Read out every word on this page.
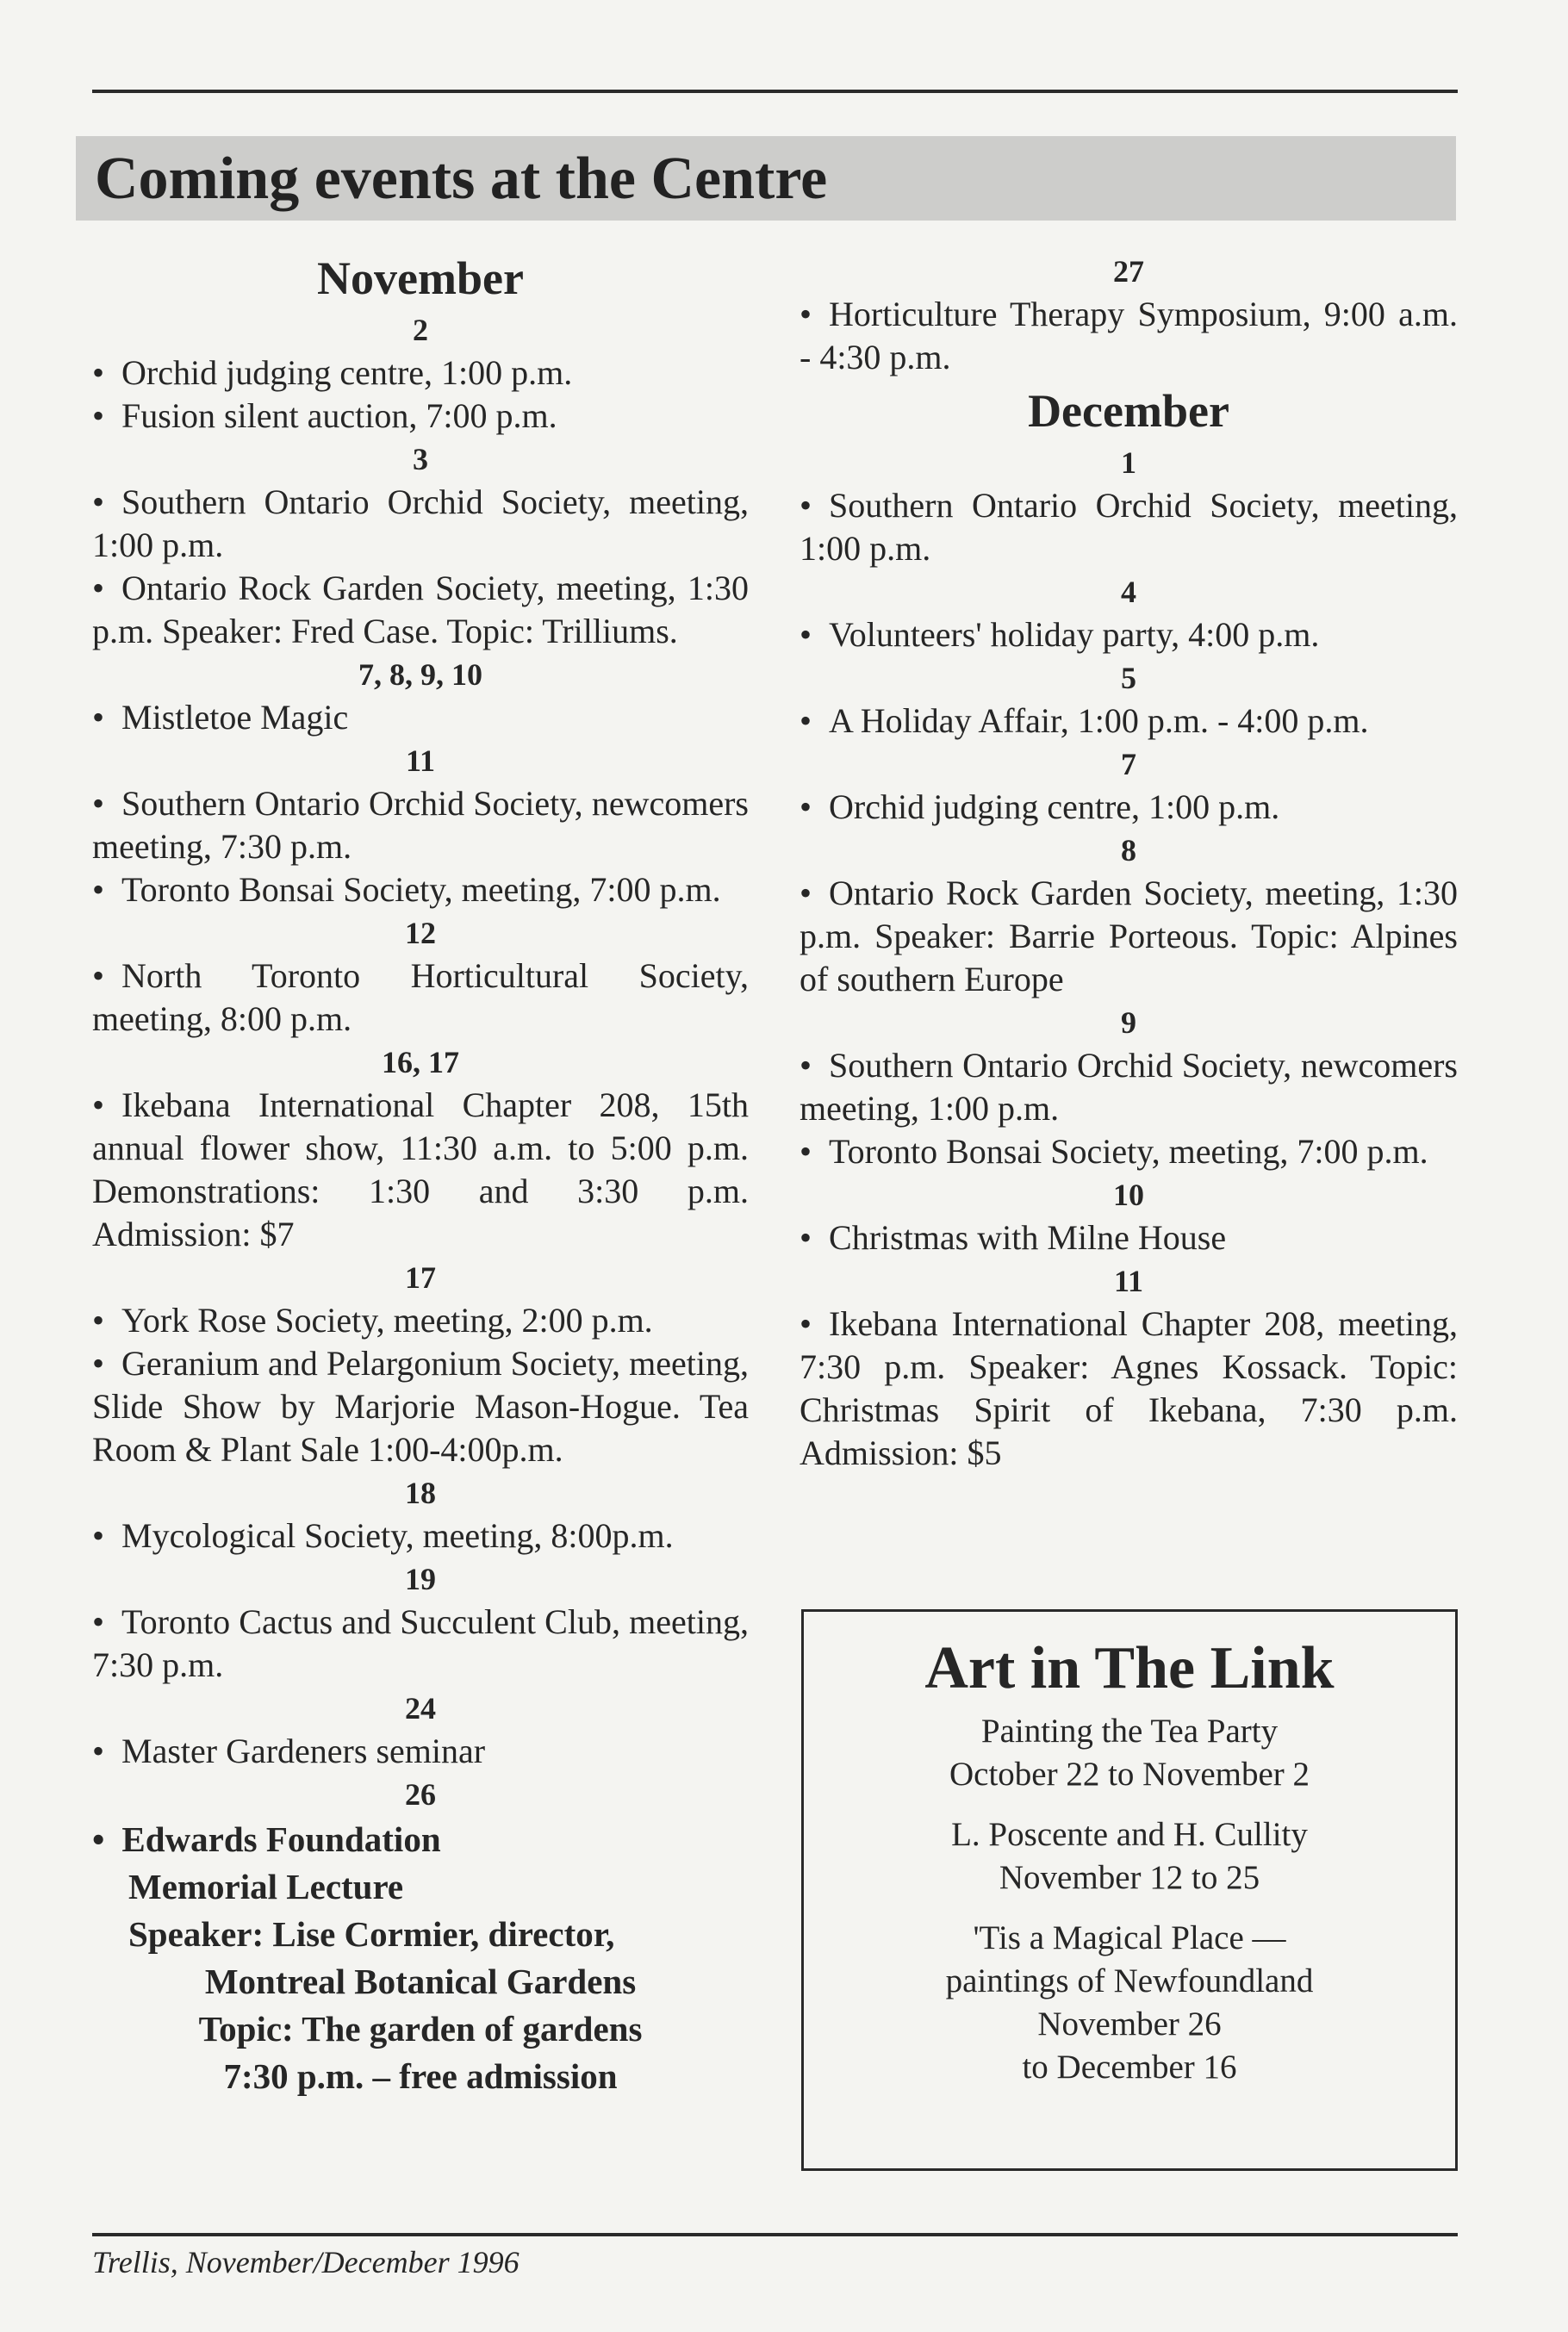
Coming events at the Centre
November
2

• Orchid judging centre, 1:00 p.m.

• Fusion silent auction, 7:00 p.m.

3

• Southern Ontario Orchid Society, meeting, 1:00 p.m.

• Ontario Rock Garden Society, meeting, 1:30 p.m. Speaker: Fred Case. Topic: Trilliums.

7, 8, 9, 10

• Mistletoe Magic

11

• Southern Ontario Orchid Society, newcomers meeting, 7:30 p.m.

• Toronto Bonsai Society, meeting, 7:00 p.m.

12

• North Toronto Horticultural Society, meeting, 8:00 p.m.

16, 17

• Ikebana International Chapter 208, 15th annual flower show, 11:30 a.m. to 5:00 p.m. Demonstrations: 1:30 and 3:30 p.m. Admission: $7

17

• York Rose Society, meeting, 2:00 p.m.

• Geranium and Pelargonium Society, meeting, Slide Show by Marjorie Mason-Hogue. Tea Room & Plant Sale 1:00-4:00p.m.

18

• Mycological Society, meeting, 8:00p.m.

19

• Toronto Cactus and Succulent Club, meeting, 7:30 p.m.

24

• Master Gardeners seminar

26

• Edwards Foundation
Memorial Lecture
Speaker: Lise Cormier, director,
Montreal Botanical Gardens
Topic: The garden of gardens
7:30 p.m. – free admission

27

• Horticulture Therapy Symposium, 9:00 a.m. - 4:30 p.m.

December
1

• Southern Ontario Orchid Society, meeting, 1:00 p.m.

4

• Volunteers' holiday party, 4:00 p.m.

5

• A Holiday Affair, 1:00 p.m. - 4:00 p.m.

7

• Orchid judging centre, 1:00 p.m.

8

• Ontario Rock Garden Society, meeting, 1:30 p.m. Speaker: Barrie Porteous. Topic: Alpines of southern Europe

9

• Southern Ontario Orchid Society, newcomers meeting, 1:00 p.m.

• Toronto Bonsai Society, meeting, 7:00 p.m.

10

• Christmas with Milne House

11

• Ikebana International Chapter 208, meeting, 7:30 p.m. Speaker: Agnes Kossack. Topic: Christmas Spirit of Ikebana, 7:30 p.m. Admission: $5

Art in The Link
Painting the Tea Party
October 22 to November 2
L. Poscente and H. Cullity
November 12 to 25
'Tis a Magical Place —
paintings of Newfoundland
November 26
to December 16
Trellis, November/December 1996
